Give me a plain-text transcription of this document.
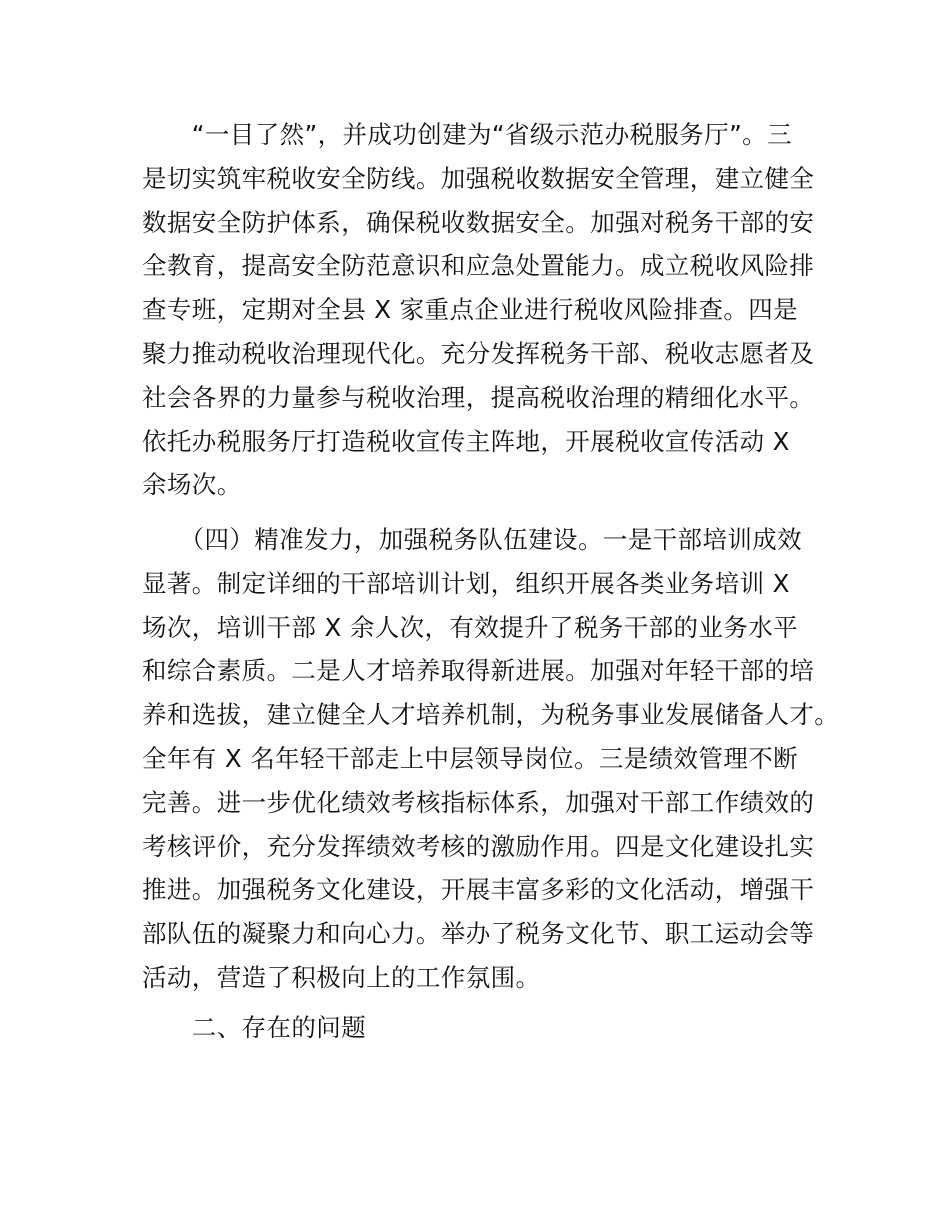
　　“一目了然”，并成功创建为“省级示范办税服务厅”。三
是切实筑牢税收安全防线。加强税收数据安全管理，建立健全
数据安全防护体系，确保税收数据安全。加强对税务干部的安
全教育，提高安全防范意识和应急处置能力。成立税收风险排
查专班，定期对全县 X 家重点企业进行税收风险排查。四是
聚力推动税收治理现代化。充分发挥税务干部、税收志愿者及
社会各界的力量参与税收治理，提高税收治理的精细化水平。
依托办税服务厅打造税收宣传主阵地，开展税收宣传活动 X
余场次。
　　（四）精准发力，加强税务队伍建设。一是干部培训成效
显著。制定详细的干部培训计划，组织开展各类业务培训 X
场次，培训干部 X 余人次，有效提升了税务干部的业务水平
和综合素质。二是人才培养取得新进展。加强对年轻干部的培
养和选拔，建立健全人才培养机制，为税务事业发展储备人才。
全年有 X 名年轻干部走上中层领导岗位。三是绩效管理不断
完善。进一步优化绩效考核指标体系，加强对干部工作绩效的
考核评价，充分发挥绩效考核的激励作用。四是文化建设扎实
推进。加强税务文化建设，开展丰富多彩的文化活动，增强干
部队伍的凝聚力和向心力。举办了税务文化节、职工运动会等
活动，营造了积极向上的工作氛围。
　　二、存在的问题
